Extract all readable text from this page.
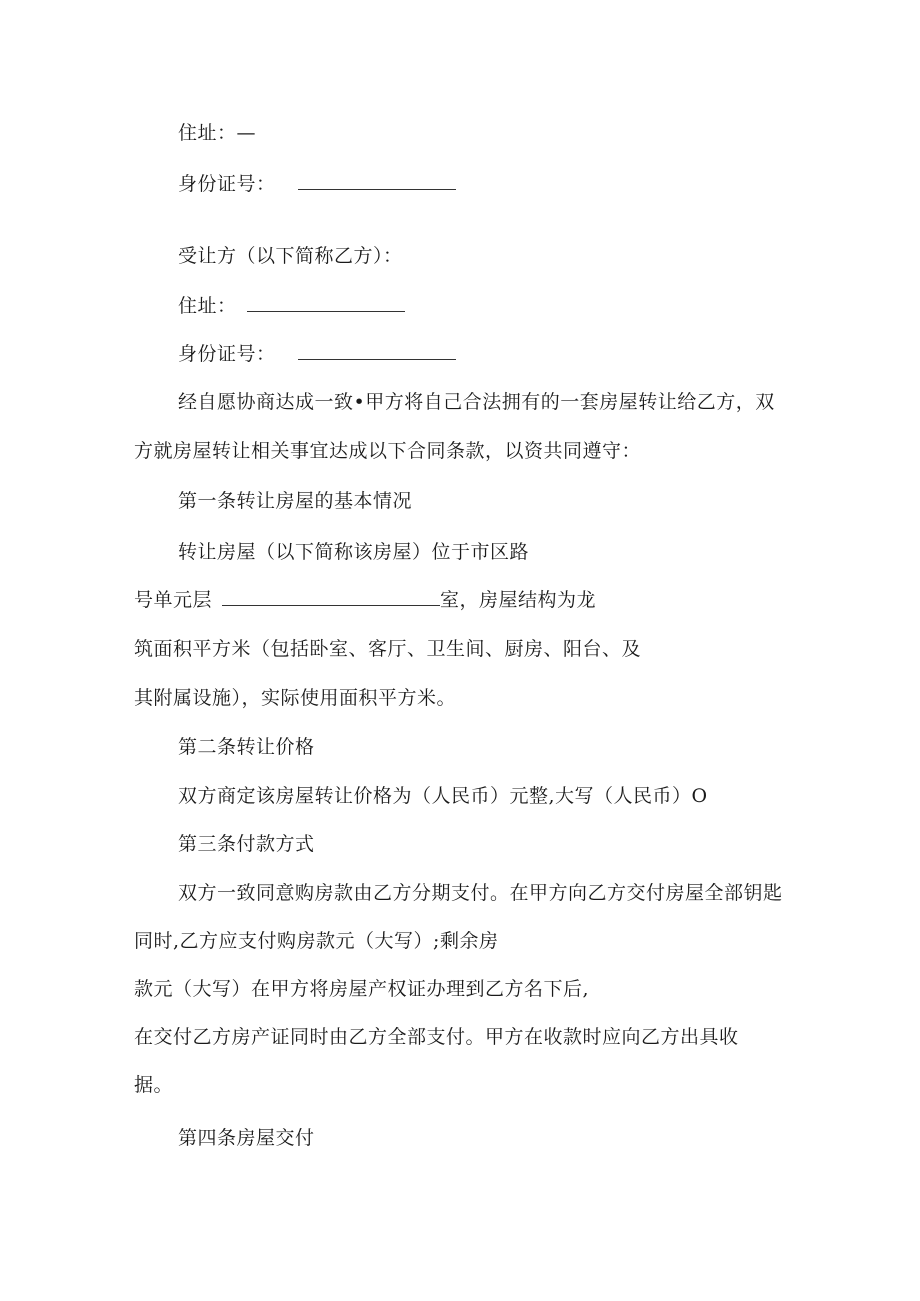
住址：—
身份证号：
受让方（以下简称乙方）：
住址：
身份证号：
经自愿协商达成一致•甲方将自己合法拥有的一套房屋转让给乙方，双
方就房屋转让相关事宜达成以下合同条款，以资共同遵守：
第一条转让房屋的基本情况
转让房屋（以下简称该房屋）位于市区路
号单元层	室，房屋结构为龙
筑面积平方米（包括卧室、客厅、卫生间、厨房、阳台、及
其附属设施），实际使用面积平方米。
第二条转让价格
双方商定该房屋转让价格为（人民币）元整,大写（人民币）O
第三条付款方式
双方一致同意购房款由乙方分期支付。在甲方向乙方交付房屋全部钥匙
同时,乙方应支付购房款元（大写）;剩余房
款元（大写）在甲方将房屋产权证办理到乙方名下后,
在交付乙方房产证同时由乙方全部支付。甲方在收款时应向乙方出具收
据。
第四条房屋交付
